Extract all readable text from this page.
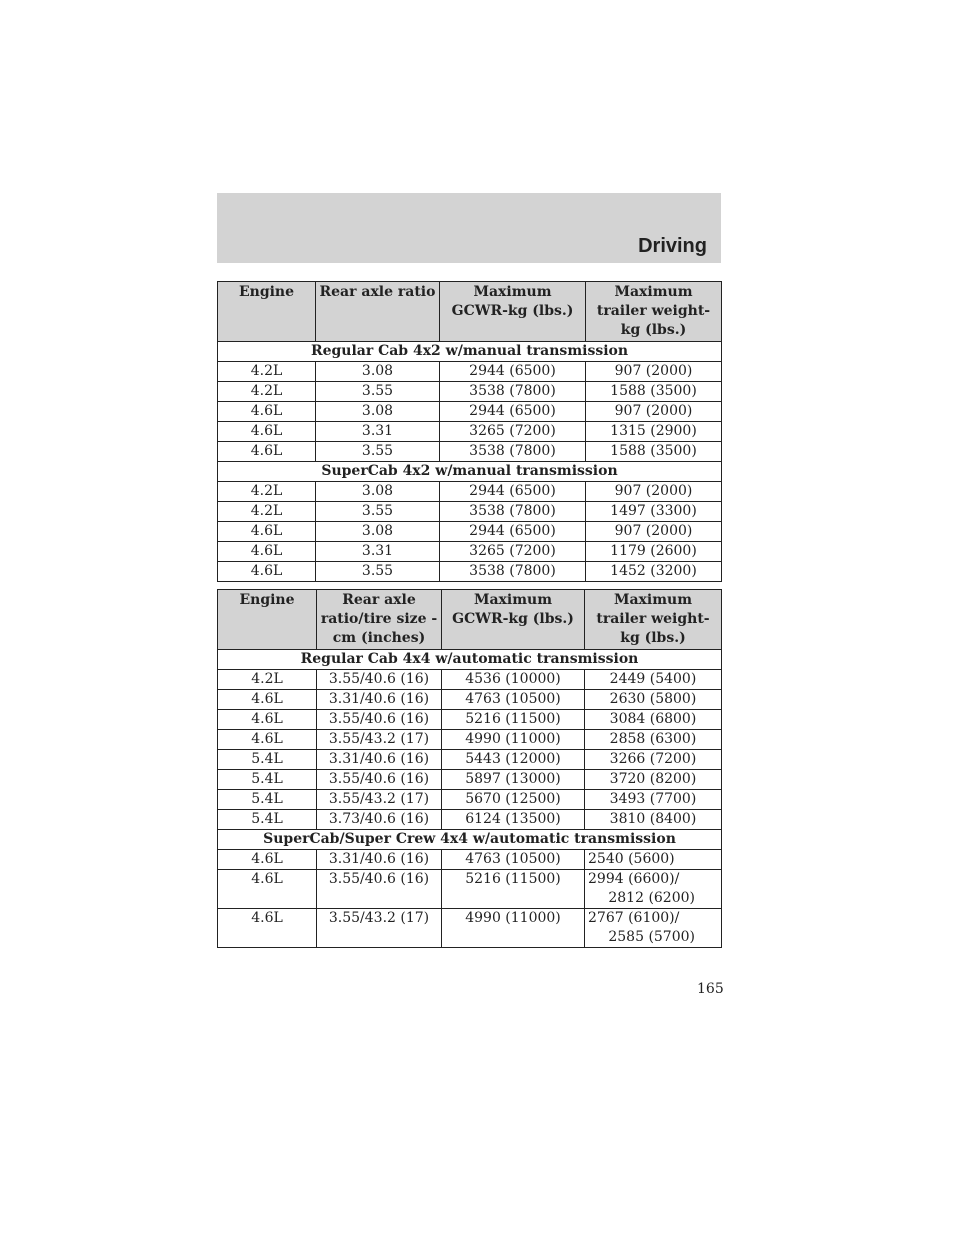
Driving
Engine	Rear axle ratio	Maximum GCWR-kg (lbs.)	Maximum trailer weight-kg (lbs.)
Regular Cab 4x2 w/manual transmission			
4.2L	3.08	2944 (6500)	907 (2000)
4.2L	3.55	3538 (7800)	1588 (3500)
4.6L	3.08	2944 (6500)	907 (2000)
4.6L	3.31	3265 (7200)	1315 (2900)
4.6L	3.55	3538 (7800)	1588 (3500)
SuperCab 4x2 w/manual transmission			
4.2L	3.08	2944 (6500)	907 (2000)
4.2L	3.55	3538 (7800)	1497 (3300)
4.6L	3.08	2944 (6500)	907 (2000)
4.6L	3.31	3265 (7200)	1179 (2600)
4.6L	3.55	3538 (7800)	1452 (3200)
Engine	Rear axle ratio/tire size - cm (inches)	Maximum GCWR-kg (lbs.)	Maximum trailer weight-kg (lbs.)
Regular Cab 4x4 w/automatic transmission			
4.2L	3.55/40.6 (16)	4536 (10000)	2449 (5400)
4.6L	3.31/40.6 (16)	4763 (10500)	2630 (5800)
4.6L	3.55/40.6 (16)	5216 (11500)	3084 (6800)
4.6L	3.55/43.2 (17)	4990 (11000)	2858 (6300)
5.4L	3.31/40.6 (16)	5443 (12000)	3266 (7200)
5.4L	3.55/40.6 (16)	5897 (13000)	3720 (8200)
5.4L	3.55/43.2 (17)	5670 (12500)	3493 (7700)
5.4L	3.73/40.6 (16)	6124 (13500)	3810 (8400)
SuperCab/Super Crew 4x4 w/automatic transmission			
4.6L	3.31/40.6 (16)	4763 (10500)	2540 (5600)

4.6L	3.55/40.6 (16)	5216 (11500)	2994 (6600)/
2812 (6200)

4.6L	3.55/43.2 (17)	4990 (11000)	2767 (6100)/
2585 (5700)
165
